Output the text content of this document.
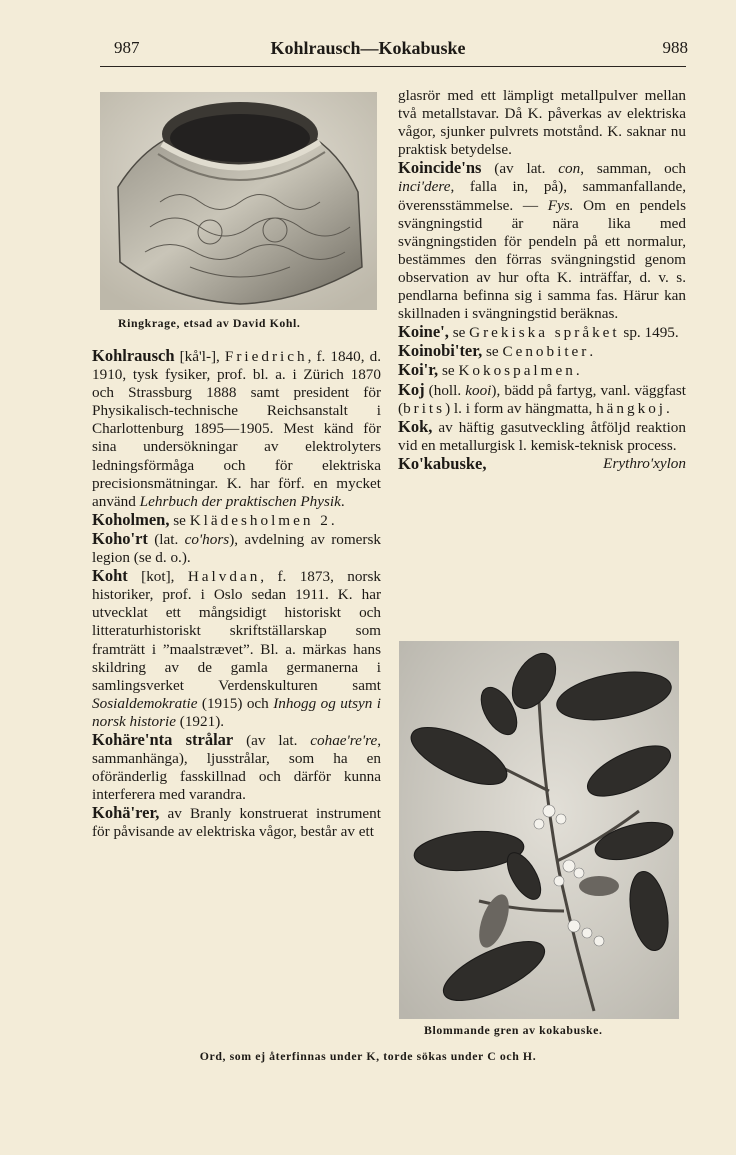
987	Kohlrausch—Kokabuske	988
Ringkrage, etsad av David Kohl.

Kohlrausch [kå'l-], Friedrich, f. 1840, d. 1910, tysk fysiker, prof. bl. a. i Zürich 1870 och Strassburg 1888 samt president för Physikalisch-technische Reichsanstalt i Charlottenburg 1895—1905. Mest känd för sina undersökningar av elektrolyters ledningsförmåga och för elektriska precisionsmätningar. K. har förf. en mycket använd Lehrbuch der praktischen Physik.

Koholmen, se Klädesholmen 2.

Koho'rt (lat. co'hors), avdelning av romersk legion (se d. o.).

Koht [kot], Halvdan, f. 1873, norsk historiker, prof. i Oslo sedan 1911. K. har utvecklat ett mångsidigt historiskt och litteraturhistoriskt skriftställarskap som framträtt i ”maalstrævet”. Bl. a. märkas hans skildring av de gamla germanerna i samlingsverket Verdenskulturen samt Sosialdemokratie (1915) och Inhogg og utsyn i norsk historie (1921).

Kohäre'nta strålar (av lat. cohae're're, sammanhänga), ljusstrålar, som ha en oföränderlig fasskillnad och därför kunna interferera med varandra.

Kohä'rer, av Branly konstruerat instrument för påvisande av elektriska vågor, består av ett

glasrör med ett lämpligt metallpulver mellan två metallstavar. Då K. påverkas av elektriska vågor, sjunker pulvrets motstånd. K. saknar nu praktisk betydelse.

Koincide'ns (av lat. con, samman, och inci'dere, falla in, på), sammanfallande, överensstämmelse. — Fys. Om en pendels svängningstid är nära lika med svängningstiden för pendeln på ett normalur, bestämmes den förras svängningstid genom observation av hur ofta K. inträffar, d. v. s. pendlarna befinna sig i samma fas. Härur kan skillnaden i svängningstid beräknas.

Koine', se Grekiska språket sp. 1495.

Koinobi'ter, se Cenobiter.

Koi'r, se Kokospalmen.

Koj (holl. kooi), bädd på fartyg, vanl. väggfast (brits) l. i form av hängmatta, hängkoj.

Kok, av häftig gasutveckling åtföljd reaktion vid en metallurgisk l. kemisk-teknisk process.

Ko'kabuske,	Erythro'xylon

Blommande gren av kokabuske.
Ord, som ej återfinnas under K, torde sökas under C och H.
